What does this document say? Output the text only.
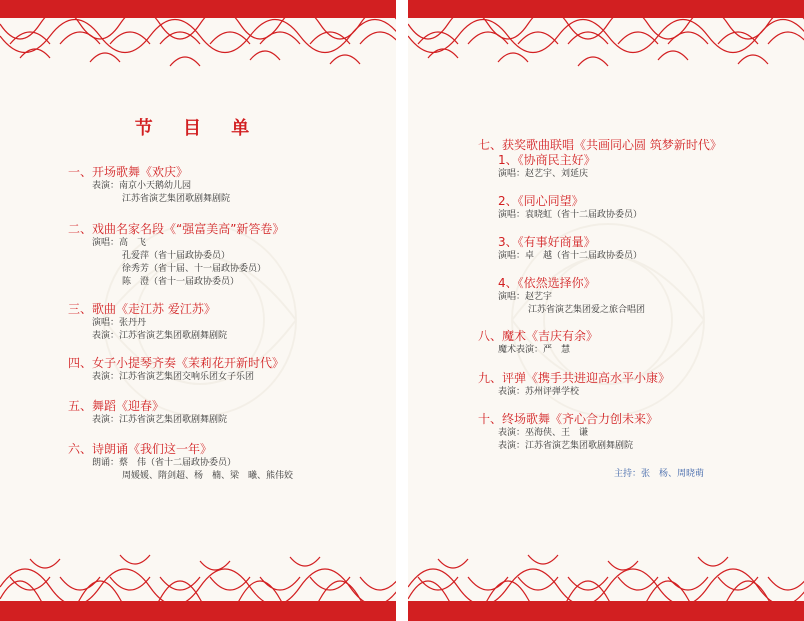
节 目 单
一、开场歌舞《欢庆》
表演：南京小天鹅幼儿园
江苏省演艺集团歌剧舞剧院
二、戏曲名家名段《“强富美高”新答卷》
演唱：高　飞
孔爱萍（省十届政协委员）
徐秀芳（省十届、十一届政协委员）
陈　澄（省十一届政协委员）
三、歌曲《走江苏 爱江苏》
演唱：张丹丹
表演：江苏省演艺集团歌剧舞剧院
四、女子小提琴齐奏《茉莉花开新时代》
表演：江苏省演艺集团交响乐团女子乐团
五、舞蹈《迎春》
表演：江苏省演艺集团歌剧舞剧院
六、诗朗诵《我们这一年》
朗诵：蔡　伟（省十二届政协委员）
周媛媛、隋剑超、杨　楠、梁　曦、熊伟姣
七、获奖歌曲联唱《共画同心圆 筑梦新时代》
1、《协商民主好》
演唱：赵艺宇、刘延庆
2、《同心同望》
演唱：袁晓虹（省十二届政协委员）
3、《有事好商量》
演唱：卓　越（省十二届政协委员）
4、《依然选择你》
演唱：赵艺宇
江苏省演艺集团爱之旅合唱团
八、魔术《吉庆有余》
魔术表演：严　慧
九、评弹《携手共进迎高水平小康》
表演：苏州评弹学校
十、终场歌舞《齐心合力创未来》
表演：巫海侠、王　谦
表演：江苏省演艺集团歌剧舞剧院
主持：张　杨、周晓萌
